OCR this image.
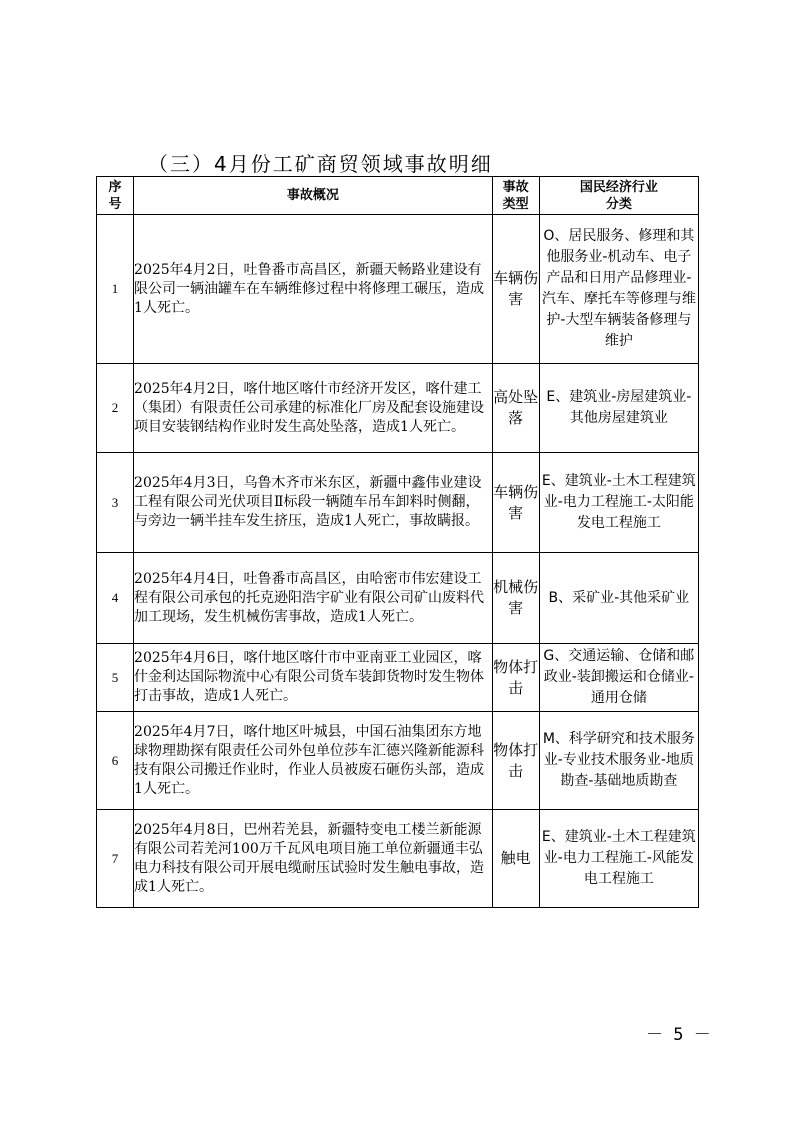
（三）4月份工矿商贸领域事故明细
序号	事故概况	事故类型	国民经济行业分类
1	2025年4月2日，吐鲁番市高昌区，新疆天畅路业建设有限公司一辆油罐车在车辆维修过程中将修理工碾压，造成1人死亡。	车辆伤害	O、居民服务、修理和其他服务业-机动车、电子产品和日用产品修理业-汽车、摩托车等修理与维护-大型车辆装备修理与维护
2	2025年4月2日，喀什地区喀什市经济开发区，喀什建工（集团）有限责任公司承建的标准化厂房及配套设施建设项目安装钢结构作业时发生高处坠落，造成1人死亡。	高处坠落	E、建筑业-房屋建筑业-其他房屋建筑业
3	2025年4月3日，乌鲁木齐市米东区，新疆中鑫伟业建设工程有限公司光伏项目Ⅱ标段一辆随车吊车卸料时侧翻，与旁边一辆半挂车发生挤压，造成1人死亡，事故瞒报。	车辆伤害	E、建筑业-土木工程建筑业-电力工程施工-太阳能发电工程施工
4	2025年4月4日，吐鲁番市高昌区，由哈密市伟宏建设工程有限公司承包的托克逊阳浩宇矿业有限公司矿山废料代加工现场，发生机械伤害事故，造成1人死亡。	机械伤害	B、采矿业-其他采矿业
5	2025年4月6日，喀什地区喀什市中亚南亚工业园区，喀什金利达国际物流中心有限公司货车装卸货物时发生物体打击事故，造成1人死亡。	物体打击	G、交通运输、仓储和邮政业-装卸搬运和仓储业-通用仓储
6	2025年4月7日，喀什地区叶城县，中国石油集团东方地球物理勘探有限责任公司外包单位莎车汇德兴隆新能源科技有限公司搬迁作业时，作业人员被废石砸伤头部，造成1人死亡。	物体打击	M、科学研究和技术服务业-专业技术服务业-地质勘查-基础地质勘查
7	2025年4月8日，巴州若羌县，新疆特变电工楼兰新能源有限公司若羌河100万千瓦风电项目施工单位新疆通丰弘电力科技有限公司开展电缆耐压试验时发生触电事故，造成1人死亡。	触电	E、建筑业-土木工程建筑业-电力工程施工-风能发电工程施工
－ 5 －
